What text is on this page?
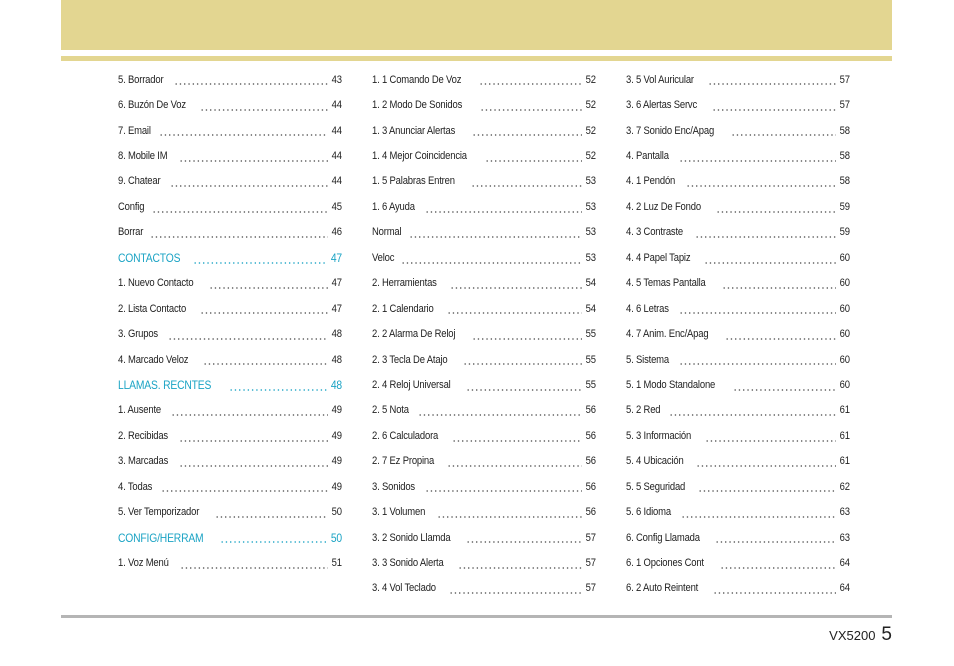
5. Borrador	43
6. Buzón De Voz	44
7. Email	44
8. Mobile IM	44
9. Chatear	44
Config	45
Borrar	46
CONTACTOS	47
1. Nuevo Contacto	47
2. Lista Contacto	47
3. Grupos	48
4. Marcado Veloz	48
LLAMAS. RECNTES	48
1. Ausente	49
2. Recibidas	49
3. Marcadas	49
4. Todas	49
5. Ver Temporizador	50
CONFIG/HERRAM	50
1. Voz Menú	51
1. 1 Comando De Voz	52
1. 2 Modo De Sonidos	52
1. 3 Anunciar Alertas	52
1. 4 Mejor Coincidencia	52
1. 5 Palabras Entren	53
1. 6 Ayuda	53
Normal	53
Veloc	53
2. Herramientas	54
2. 1 Calendario	54
2. 2 Alarma De Reloj	55
2. 3 Tecla De Atajo	55
2. 4 Reloj Universal	55
2. 5 Nota	56
2. 6 Calculadora	56
2. 7 Ez Propina	56
3. Sonidos	56
3. 1 Volumen	56
3. 2 Sonido Llamda	57
3. 3 Sonido Alerta	57
3. 4 Vol Teclado	57
3. 5 Vol Auricular	57
3. 6 Alertas Servc	57
3. 7 Sonido Enc/Apag	58
4. Pantalla	58
4. 1 Pendón	58
4. 2 Luz De Fondo	59
4. 3 Contraste	59
4. 4 Papel Tapiz	60
4. 5 Temas Pantalla	60
4. 6 Letras	60
4. 7 Anim. Enc/Apag	60
5. Sistema	60
5. 1 Modo Standalone	60
5. 2 Red	61
5. 3 Información	61
5. 4 Ubicación	61
5. 5 Seguridad	62
5. 6 Idioma	63
6. Config Llamada	63
6. 1 Opciones Cont	64
6. 2 Auto Reintent	64
VX5200 5
